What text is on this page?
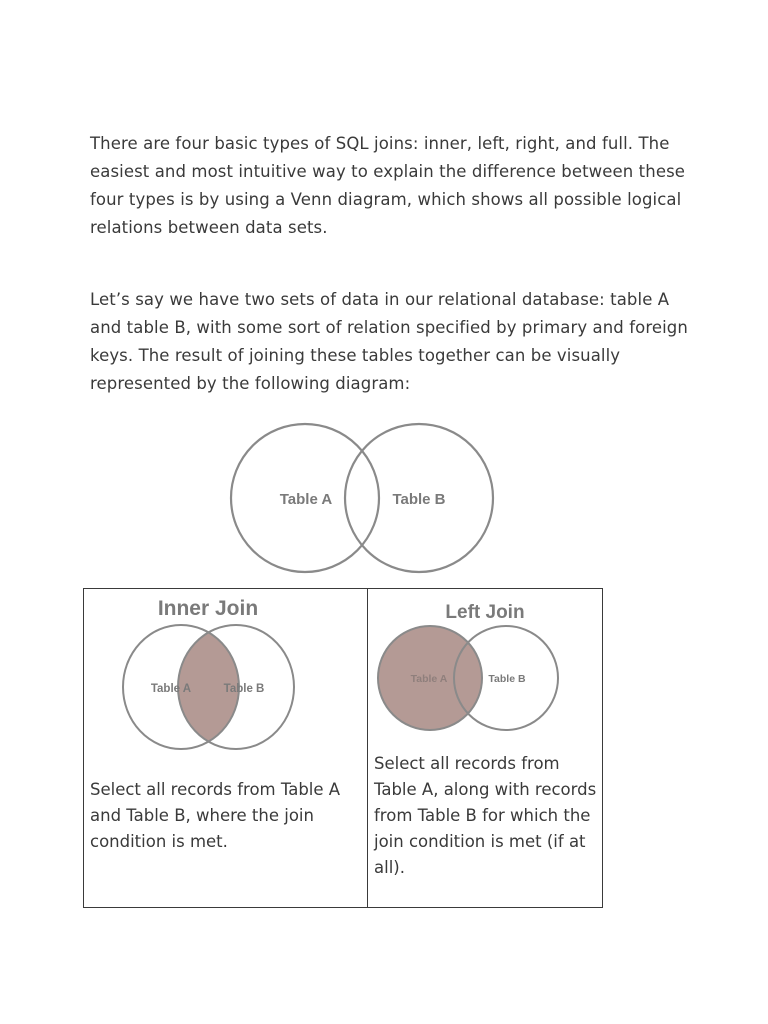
There are four basic types of SQL joins: inner, left, right, and full. The easiest and most intuitive way to explain the difference between these four types is by using a Venn diagram, which shows all possible logical relations between data sets.

Let’s say we have two sets of data in our relational database: table A and table B, with some sort of relation specified by primary and foreign keys. The result of joining these tables together can be visually represented by the following diagram:

Table A	Table B
Inner Join
Table A	Table B

Select all records from Table A and Table B, where the join condition is met.

Left Join
Table A	Table B

Select all records from Table A, along with records from Table B for which the join condition is met (if at all).
